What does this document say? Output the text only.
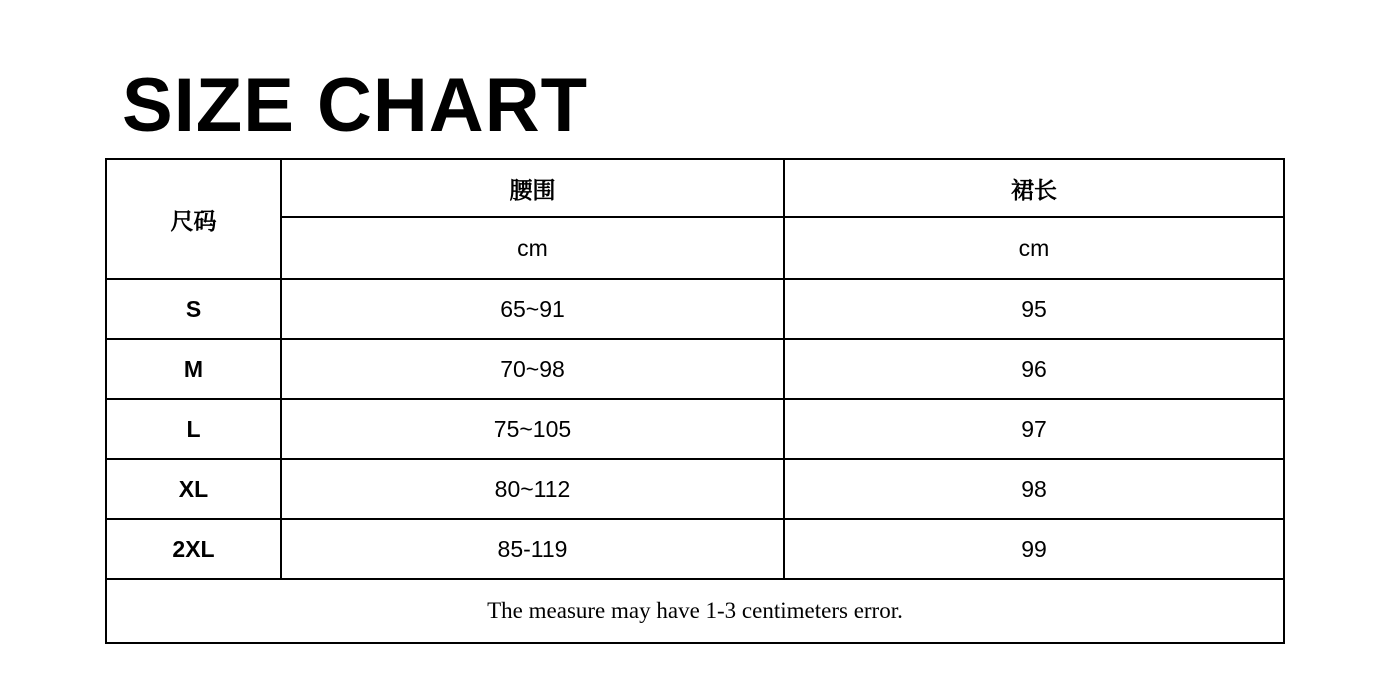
SIZE CHART
尺码	腰围	裙长
	cm	cm
S	65~91	95
M	70~98	96
L	75~105	97
XL	80~112	98
2XL	85-119	99
The measure may have 1-3 centimeters error.		
